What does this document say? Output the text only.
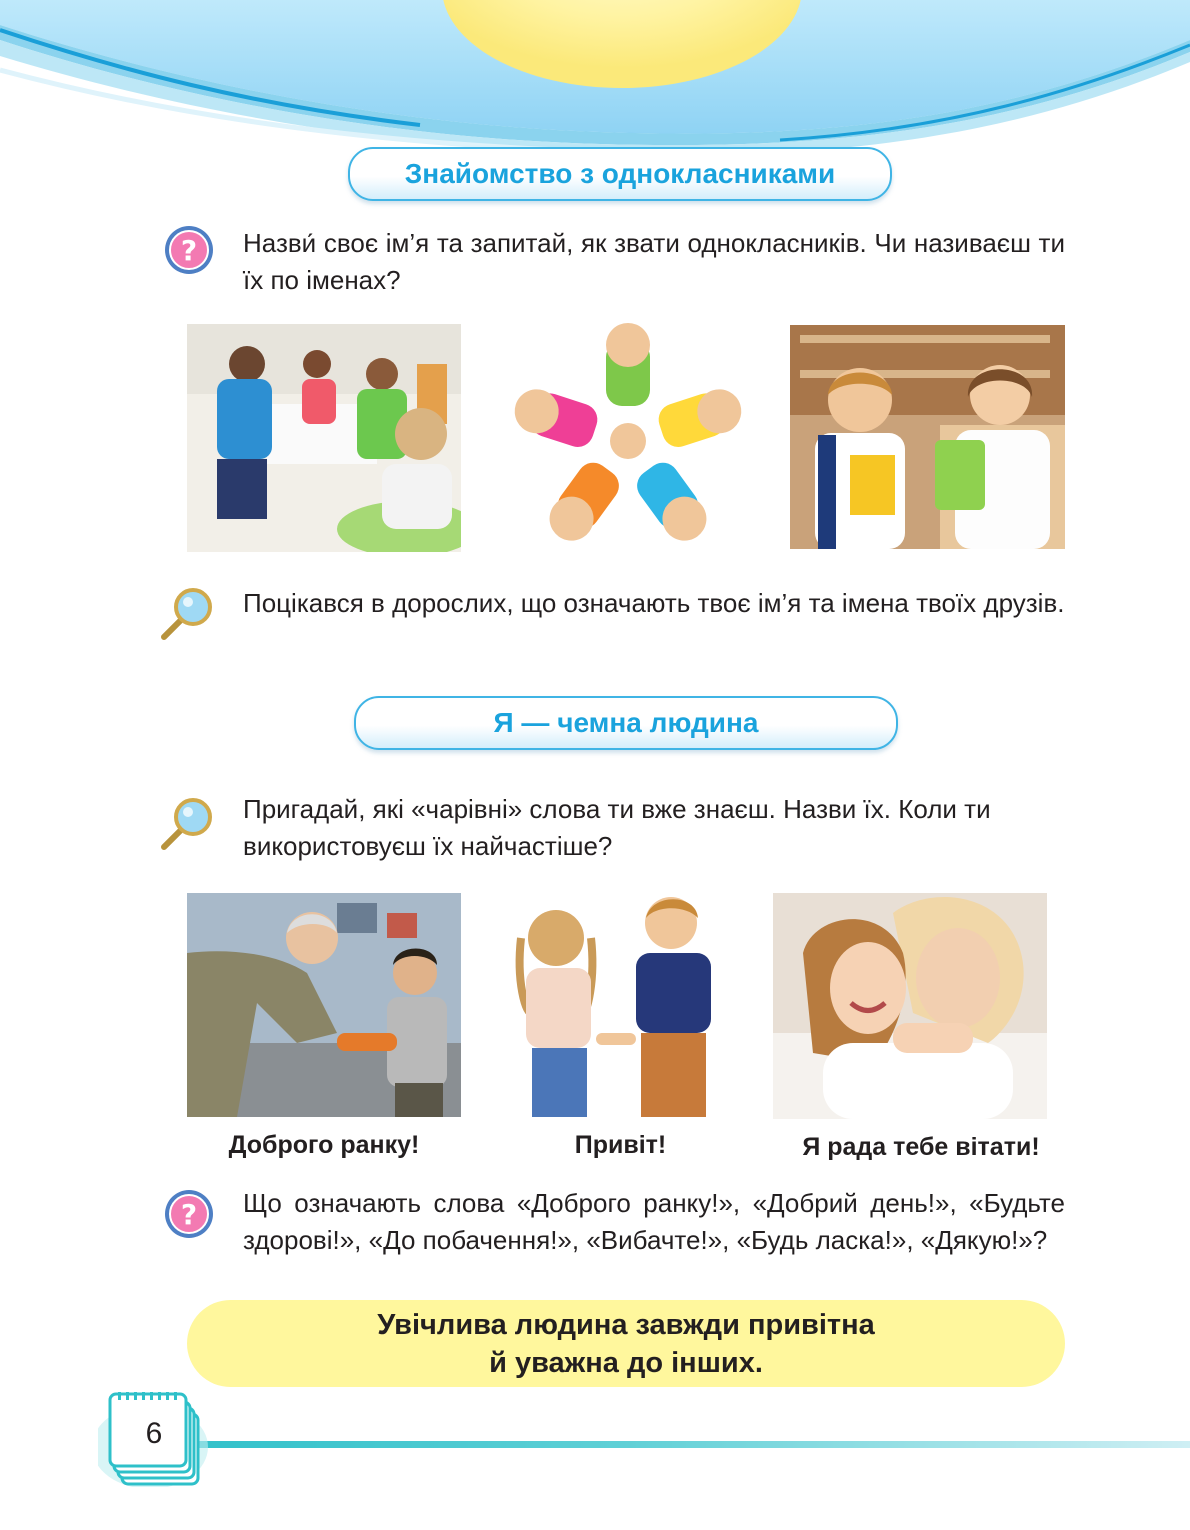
Знайомство з однокласниками
? Назви́ своє ім’я та запитай, як звати однокласників. Чи називаєш ти їх по іменах?
Поцікався в дорослих, що означають твоє ім’я та імена твоїх друзів.
Я — чемна людина
Пригадай, які «чарівні» слова ти вже знаєш. Назви їх. Коли ти використовуєш їх найчастіше?
Доброго ранку!	Привіт!	Я рада тебе вітати!
? Що означають слова «Доброго ранку!», «Добрий день!», «Будьте здорові!», «До побачення!», «Вибачте!», «Будь ласка!», «Дякую!»?
Увічлива людина завжди привітна
й уважна до інших.
6
